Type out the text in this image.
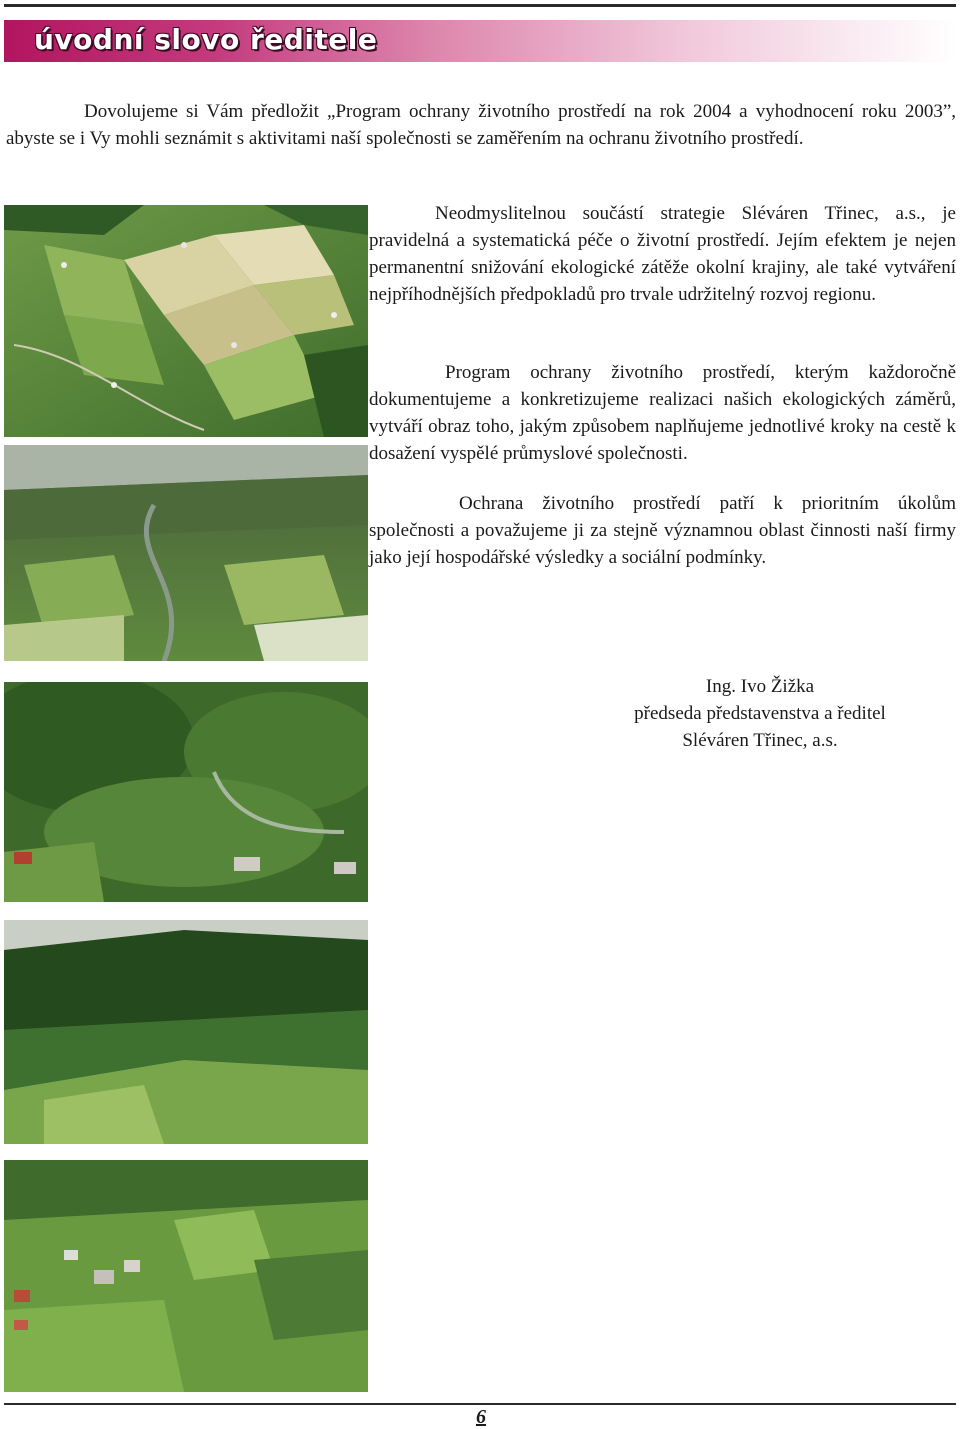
úvodní slovo ředitele

Dovolujeme si Vám předložit „Program ochrany životního prostředí na rok 2004 a vyhodnocení roku 2003”, abyste se i Vy mohli seznámit s aktivitami naší společnosti se zaměřením na ochranu životního prostředí.

Neodmyslitelnou součástí strategie Sléváren Třinec, a.s., je pravidelná a systematická péče o životní prostředí. Jejím efektem je nejen permanentní snižování ekologické zátěže okolní krajiny, ale také vytváření nejpříhodnějších předpokladů pro trvale udržitelný rozvoj regionu.

Program ochrany životního prostředí, kterým každoročně dokumentujeme a konkretizujeme realizaci našich ekologických záměrů, vytváří obraz toho, jakým způsobem naplňujeme jednotlivé kroky na cestě k dosažení vyspělé průmyslové společnosti.

Ochrana životního prostředí patří k prioritním úkolům společnosti a považujeme ji za stejně významnou oblast činnosti naší firmy jako její hospodářské výsledky a sociální podmínky.

Ing. Ivo Žižka
předseda představenstva a ředitel
Sléváren Třinec, a.s.
6
